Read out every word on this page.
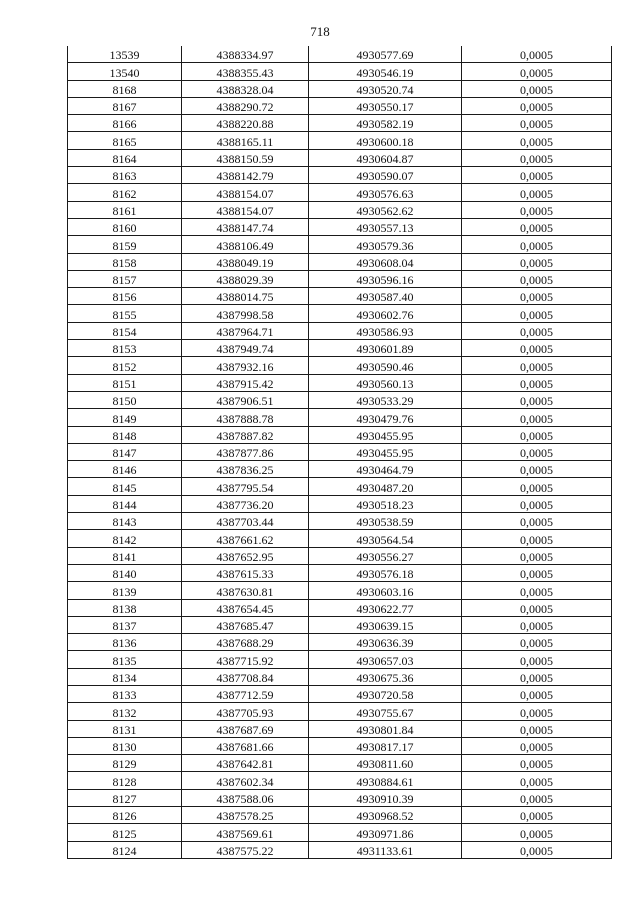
718
13539	4388334.97	4930577.69	0,0005
13540	4388355.43	4930546.19	0,0005
8168	4388328.04	4930520.74	0,0005
8167	4388290.72	4930550.17	0,0005
8166	4388220.88	4930582.19	0,0005
8165	4388165.11	4930600.18	0,0005
8164	4388150.59	4930604.87	0,0005
8163	4388142.79	4930590.07	0,0005
8162	4388154.07	4930576.63	0,0005
8161	4388154.07	4930562.62	0,0005
8160	4388147.74	4930557.13	0,0005
8159	4388106.49	4930579.36	0,0005
8158	4388049.19	4930608.04	0,0005
8157	4388029.39	4930596.16	0,0005
8156	4388014.75	4930587.40	0,0005
8155	4387998.58	4930602.76	0,0005
8154	4387964.71	4930586.93	0,0005
8153	4387949.74	4930601.89	0,0005
8152	4387932.16	4930590.46	0,0005
8151	4387915.42	4930560.13	0,0005
8150	4387906.51	4930533.29	0,0005
8149	4387888.78	4930479.76	0,0005
8148	4387887.82	4930455.95	0,0005
8147	4387877.86	4930455.95	0,0005
8146	4387836.25	4930464.79	0,0005
8145	4387795.54	4930487.20	0,0005
8144	4387736.20	4930518.23	0,0005
8143	4387703.44	4930538.59	0,0005
8142	4387661.62	4930564.54	0,0005
8141	4387652.95	4930556.27	0,0005
8140	4387615.33	4930576.18	0,0005
8139	4387630.81	4930603.16	0,0005
8138	4387654.45	4930622.77	0,0005
8137	4387685.47	4930639.15	0,0005
8136	4387688.29	4930636.39	0,0005
8135	4387715.92	4930657.03	0,0005
8134	4387708.84	4930675.36	0,0005
8133	4387712.59	4930720.58	0,0005
8132	4387705.93	4930755.67	0,0005
8131	4387687.69	4930801.84	0,0005
8130	4387681.66	4930817.17	0,0005
8129	4387642.81	4930811.60	0,0005
8128	4387602.34	4930884.61	0,0005
8127	4387588.06	4930910.39	0,0005
8126	4387578.25	4930968.52	0,0005
8125	4387569.61	4930971.86	0,0005
8124	4387575.22	4931133.61	0,0005
